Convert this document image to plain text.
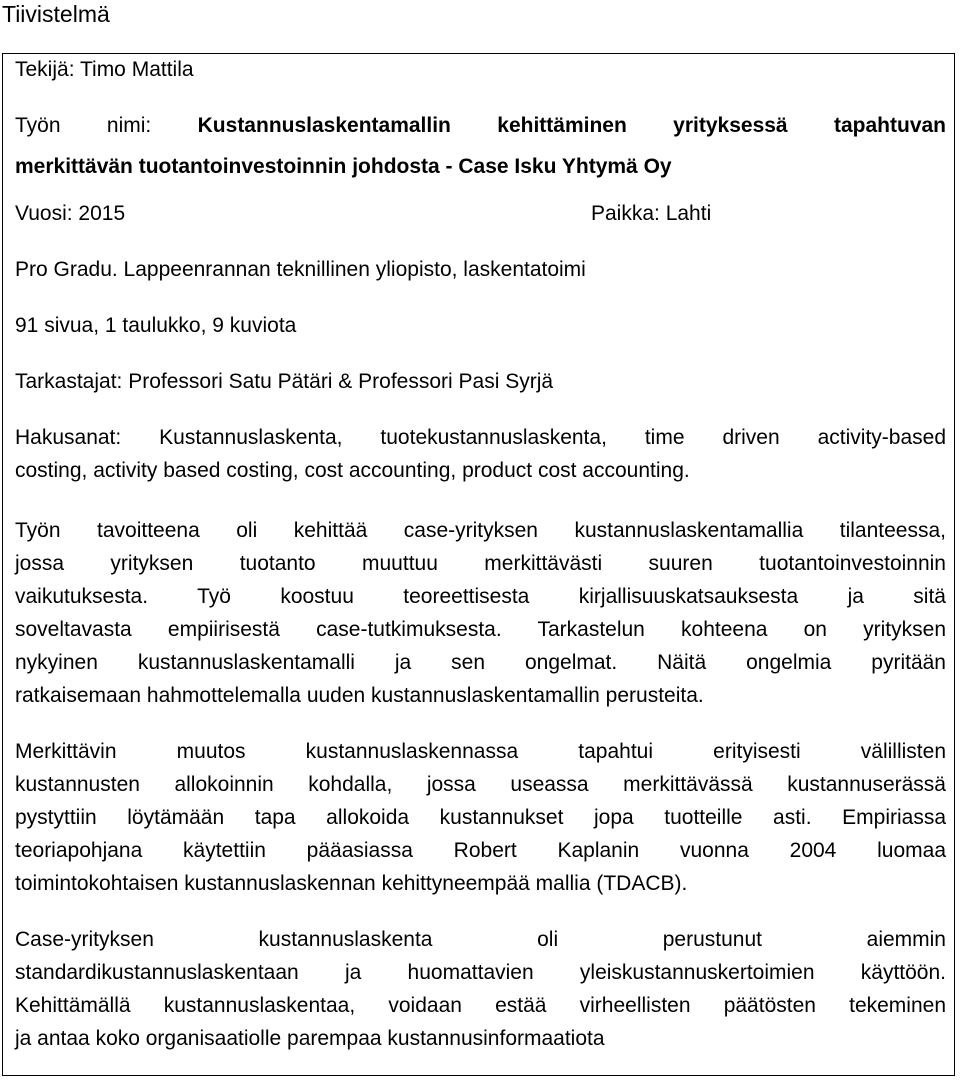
Tiivistelmä
Tekijä: Timo Mattila
Työn nimi: Kustannuslaskentamallin kehittäminen yrityksessä tapahtuvan
merkittävän tuotantoinvestoinnin johdosta - Case Isku Yhtymä Oy
Vuosi: 2015	Paikka: Lahti
Pro Gradu. Lappeenrannan teknillinen yliopisto, laskentatoimi
91 sivua, 1 taulukko, 9 kuviota
Tarkastajat: Professori Satu Pätäri & Professori Pasi Syrjä
Hakusanat: Kustannuslaskenta, tuotekustannuslaskenta, time driven activity-based
costing, activity based costing, cost accounting, product cost accounting.
Työn tavoitteena oli kehittää case-yrityksen kustannuslaskentamallia tilanteessa,
jossa yrityksen tuotanto muuttuu merkittävästi suuren tuotantoinvestoinnin
vaikutuksesta. Työ koostuu teoreettisesta kirjallisuuskatsauksesta ja sitä
soveltavasta empiirisestä case-tutkimuksesta. Tarkastelun kohteena on yrityksen
nykyinen kustannuslaskentamalli ja sen ongelmat. Näitä ongelmia pyritään
ratkaisemaan hahmottelemalla uuden kustannuslaskentamallin perusteita.
Merkittävin muutos kustannuslaskennassa tapahtui erityisesti välillisten
kustannusten allokoinnin kohdalla, jossa useassa merkittävässä kustannuserässä
pystyttiin löytämään tapa allokoida kustannukset jopa tuotteille asti. Empiriassa
teoriapohjana käytettiin pääasiassa Robert Kaplanin vuonna 2004 luomaa
toimintokohtaisen kustannuslaskennan kehittyneempää mallia (TDACB).
Case-yrityksen kustannuslaskenta oli perustunut aiemmin
standardikustannuslaskentaan ja huomattavien yleiskustannuskertoimien käyttöön.
Kehittämällä kustannuslaskentaa, voidaan estää virheellisten päätösten tekeminen
ja antaa koko organisaatiolle parempaa kustannusinformaatiota
